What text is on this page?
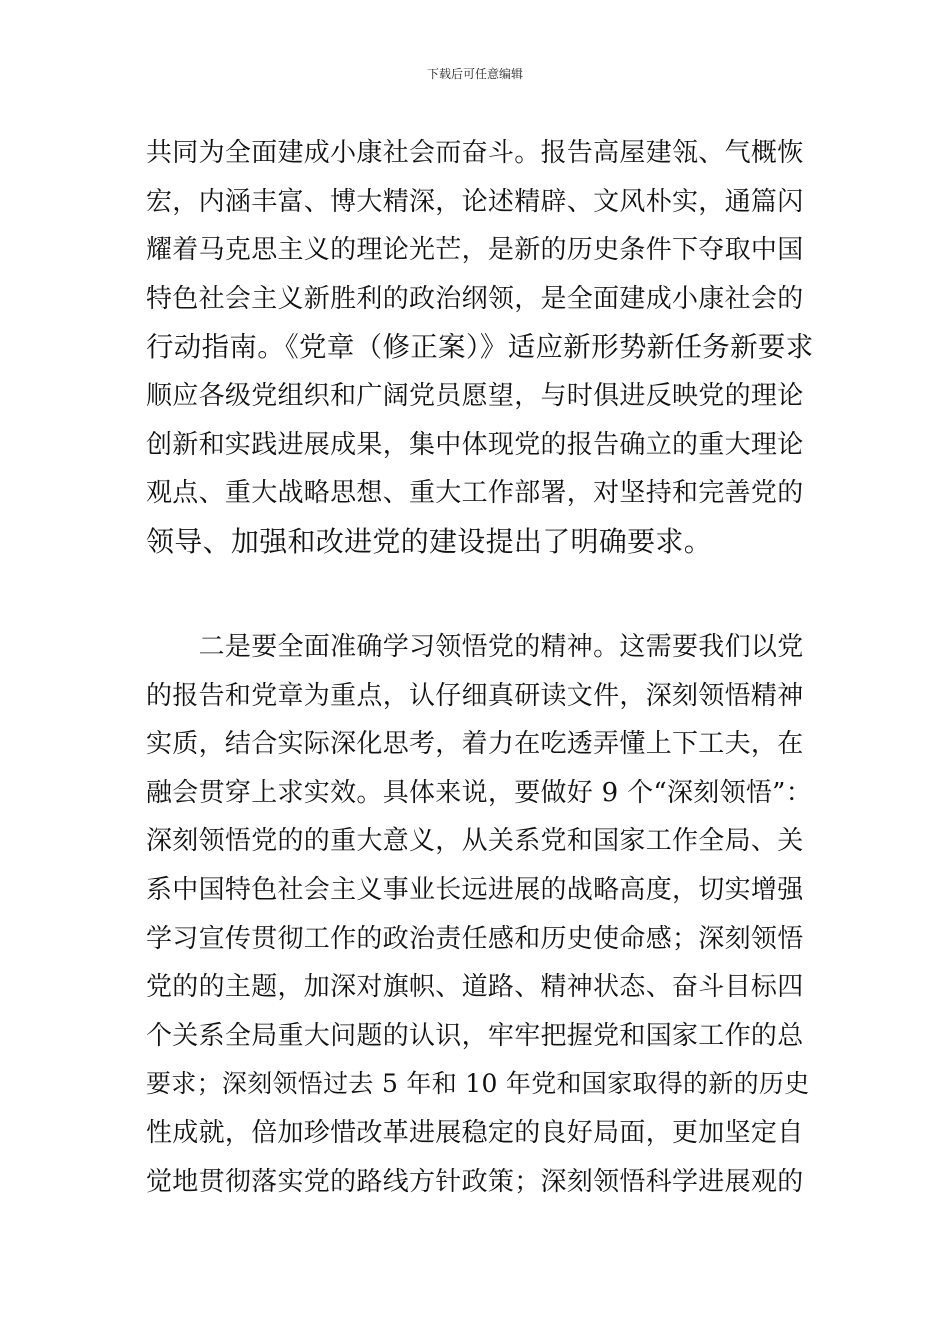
下载后可任意编辑
共同为全面建成小康社会而奋斗。报告高屋建瓴、气概恢
宏，内涵丰富、博大精深，论述精辟、文风朴实，通篇闪
耀着马克思主义的理论光芒，是新的历史条件下夺取中国
特色社会主义新胜利的政治纲领，是全面建成小康社会的
行动指南。《党章（修正案）》适应新形势新任务新要求
顺应各级党组织和广阔党员愿望，与时俱进反映党的理论
创新和实践进展成果，集中体现党的报告确立的重大理论
观点、重大战略思想、重大工作部署，对坚持和完善党的
领导、加强和改进党的建设提出了明确要求。
　　二是要全面准确学习领悟党的精神。这需要我们以党
的报告和党章为重点，认仔细真研读文件，深刻领悟精神
实质，结合实际深化思考，着力在吃透弄懂上下工夫，在
融会贯穿上求实效。具体来说，要做好 9 个“深刻领悟”：
深刻领悟党的的重大意义，从关系党和国家工作全局、关
系中国特色社会主义事业长远进展的战略高度，切实增强
学习宣传贯彻工作的政治责任感和历史使命感；深刻领悟
党的的主题，加深对旗帜、道路、精神状态、奋斗目标四
个关系全局重大问题的认识，牢牢把握党和国家工作的总
要求；深刻领悟过去 5 年和 10 年党和国家取得的新的历史
性成就，倍加珍惜改革进展稳定的良好局面，更加坚定自
觉地贯彻落实党的路线方针政策；深刻领悟科学进展观的
